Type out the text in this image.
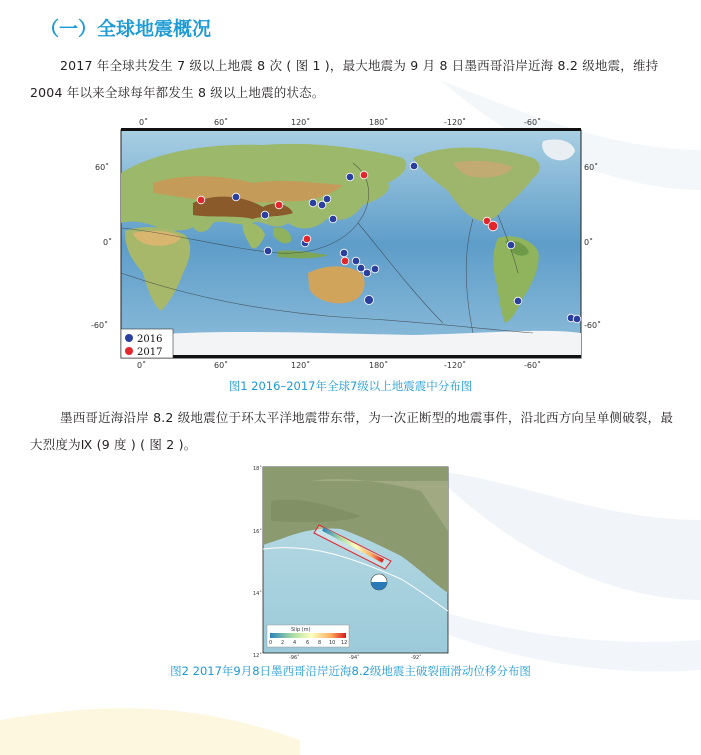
（一）全球地震概况
2017 年全球共发生 7 级以上地震 8 次 ( 图 1 )，最大地震为 9 月 8 日墨西哥沿岸近海 8.2 级地震，维持 2004 年以来全球每年都发生 8 级以上地震的状态。
0˚	60˚	120˚	180˚	-120˚	-60˚
0˚	60˚	120˚	180˚	-120˚	-60˚
60˚
0˚
-60˚
60˚
0˚
-60˚
2016
2017
图1 2016–2017年全球7级以上地震震中分布图
墨西哥近海沿岸 8.2 级地震位于环太平洋地震带东带，为一次正断型的地震事件，沿北西方向呈单侧破裂，最大烈度为Ⅸ (9 度 ) ( 图 2 )。
18˚
16˚
14˚
12˚	-96˚	-94˚	-92˚
Slip (m)
0 2 4 6 8 10 12
图2 2017年9月8日墨西哥沿岸近海8.2级地震主破裂面滑动位移分布图
